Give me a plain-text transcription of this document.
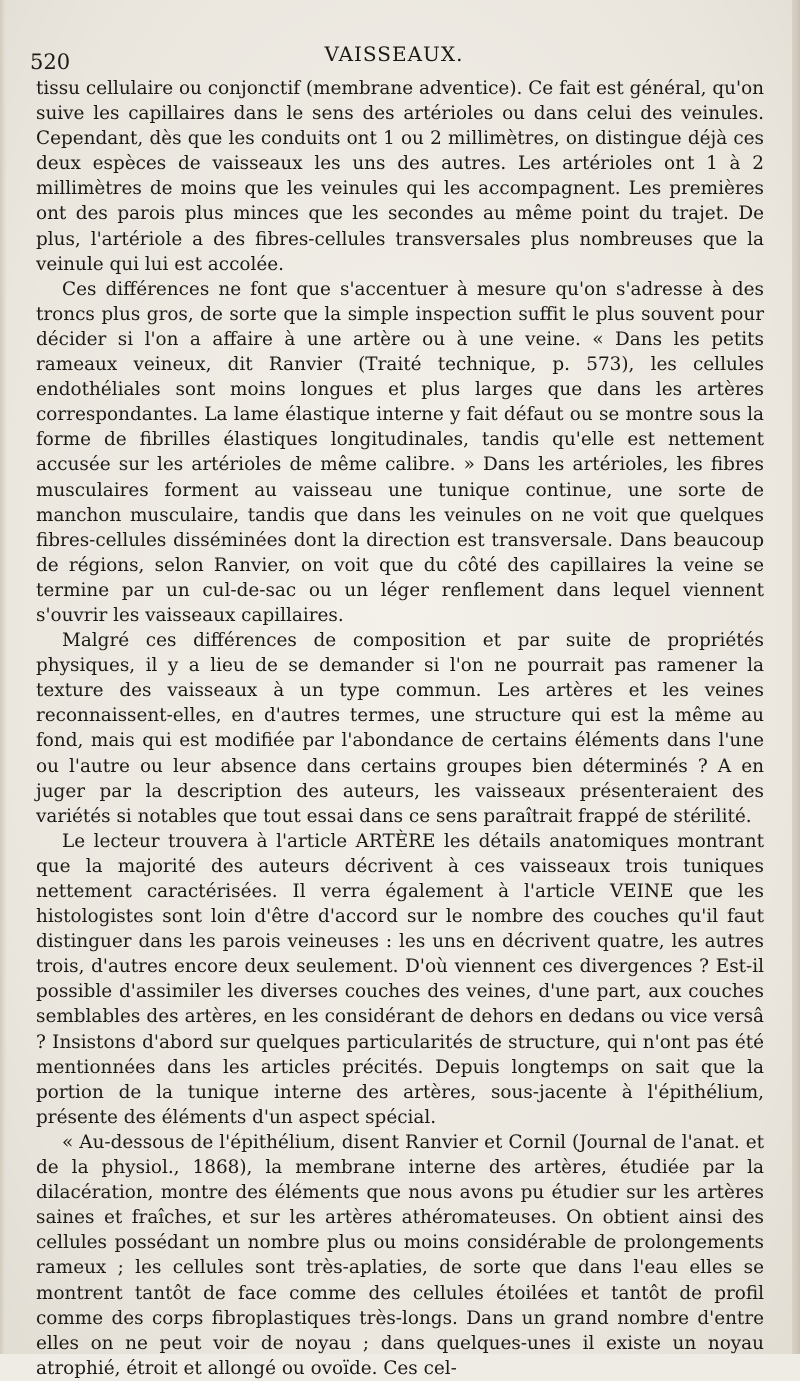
520	VAISSEAUX.

tissu cellulaire ou conjonctif (membrane adventice). Ce fait est général, qu'on suive les capillaires dans le sens des artérioles ou dans celui des veinules. Cependant, dès que les conduits ont 1 ou 2 millimètres, on distingue déjà ces deux espèces de vaisseaux les uns des autres. Les artérioles ont 1 à 2 millimètres de moins que les veinules qui les accompagnent. Les premières ont des parois plus minces que les secondes au même point du trajet. De plus, l'artériole a des fibres-cellules transversales plus nombreuses que la veinule qui lui est accolée.

Ces différences ne font que s'accentuer à mesure qu'on s'adresse à des troncs plus gros, de sorte que la simple inspection suffit le plus souvent pour décider si l'on a affaire à une artère ou à une veine. « Dans les petits rameaux veineux, dit Ranvier (Traité technique, p. 573), les cellules endothéliales sont moins longues et plus larges que dans les artères correspondantes. La lame élastique interne y fait défaut ou se montre sous la forme de fibrilles élastiques longitudinales, tandis qu'elle est nettement accusée sur les artérioles de même calibre. » Dans les artérioles, les fibres musculaires forment au vaisseau une tunique continue, une sorte de manchon musculaire, tandis que dans les veinules on ne voit que quelques fibres-cellules disséminées dont la direction est transversale. Dans beaucoup de régions, selon Ranvier, on voit que du côté des capillaires la veine se termine par un cul-de-sac ou un léger renflement dans lequel viennent s'ouvrir les vaisseaux capillaires.

Malgré ces différences de composition et par suite de propriétés physiques, il y a lieu de se demander si l'on ne pourrait pas ramener la texture des vaisseaux à un type commun. Les artères et les veines reconnaissent-elles, en d'autres termes, une structure qui est la même au fond, mais qui est modifiée par l'abondance de certains éléments dans l'une ou l'autre ou leur absence dans certains groupes bien déterminés ? A en juger par la description des auteurs, les vaisseaux présenteraient des variétés si notables que tout essai dans ce sens paraîtrait frappé de stérilité.

Le lecteur trouvera à l'article ARTÈRE les détails anatomiques montrant que la majorité des auteurs décrivent à ces vaisseaux trois tuniques nettement caractérisées. Il verra également à l'article VEINE que les histologistes sont loin d'être d'accord sur le nombre des couches qu'il faut distinguer dans les parois veineuses : les uns en décrivent quatre, les autres trois, d'autres encore deux seulement. D'où viennent ces divergences ? Est-il possible d'assimiler les diverses couches des veines, d'une part, aux couches semblables des artères, en les considérant de dehors en dedans ou vice versâ ? Insistons d'abord sur quelques particularités de structure, qui n'ont pas été mentionnées dans les articles précités. Depuis longtemps on sait que la portion de la tunique interne des artères, sous-jacente à l'épithélium, présente des éléments d'un aspect spécial.

« Au-dessous de l'épithélium, disent Ranvier et Cornil (Journal de l'anat. et de la physiol., 1868), la membrane interne des artères, étudiée par la dilacération, montre des éléments que nous avons pu étudier sur les artères saines et fraîches, et sur les artères athéromateuses. On obtient ainsi des cellules possédant un nombre plus ou moins considérable de prolongements rameux ; les cellules sont très-aplaties, de sorte que dans l'eau elles se montrent tantôt de face comme des cellules étoilées et tantôt de profil comme des corps fibroplastiques très-longs. Dans un grand nombre d'entre elles on ne peut voir de noyau ; dans quelques-unes il existe un noyau atrophié, étroit et allongé ou ovoïde. Ces cel-
